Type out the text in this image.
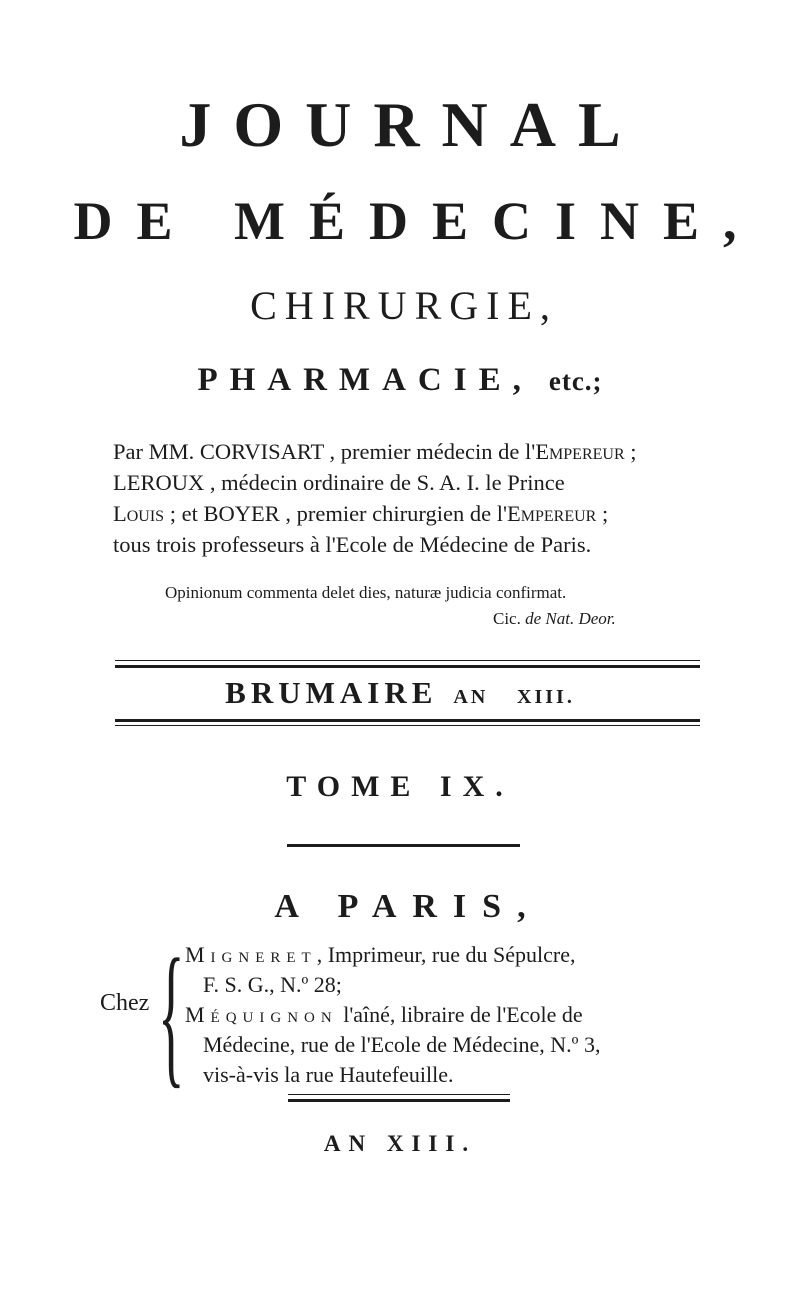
JOURNAL
DE MÉDECINE,
CHIRURGIE,
PHARMACIE, etc.;

Par MM. CORVISART , premier médecin de l'Empereur ;

LEROUX , médecin ordinaire de S. A. I. le Prince

Louis ; et BOYER , premier chirurgien de l'Empereur ;

tous trois professeurs à l'Ecole de Médecine de Paris.

Opinionum commenta delet dies, naturæ judicia confirmat.
Cic. de Nat. Deor.
BRUMAIRE AN XIII.
TOME IX.
A PARIS,
Chez { Migneret, Imprimeur, rue du Sépulcre,

F. S. G., N.º 28;

Méquignon l'aîné, libraire de l'Ecole de

Médecine, rue de l'Ecole de Médecine, N.º 3,

vis-à-vis la rue Hautefeuille.

AN XIII.
